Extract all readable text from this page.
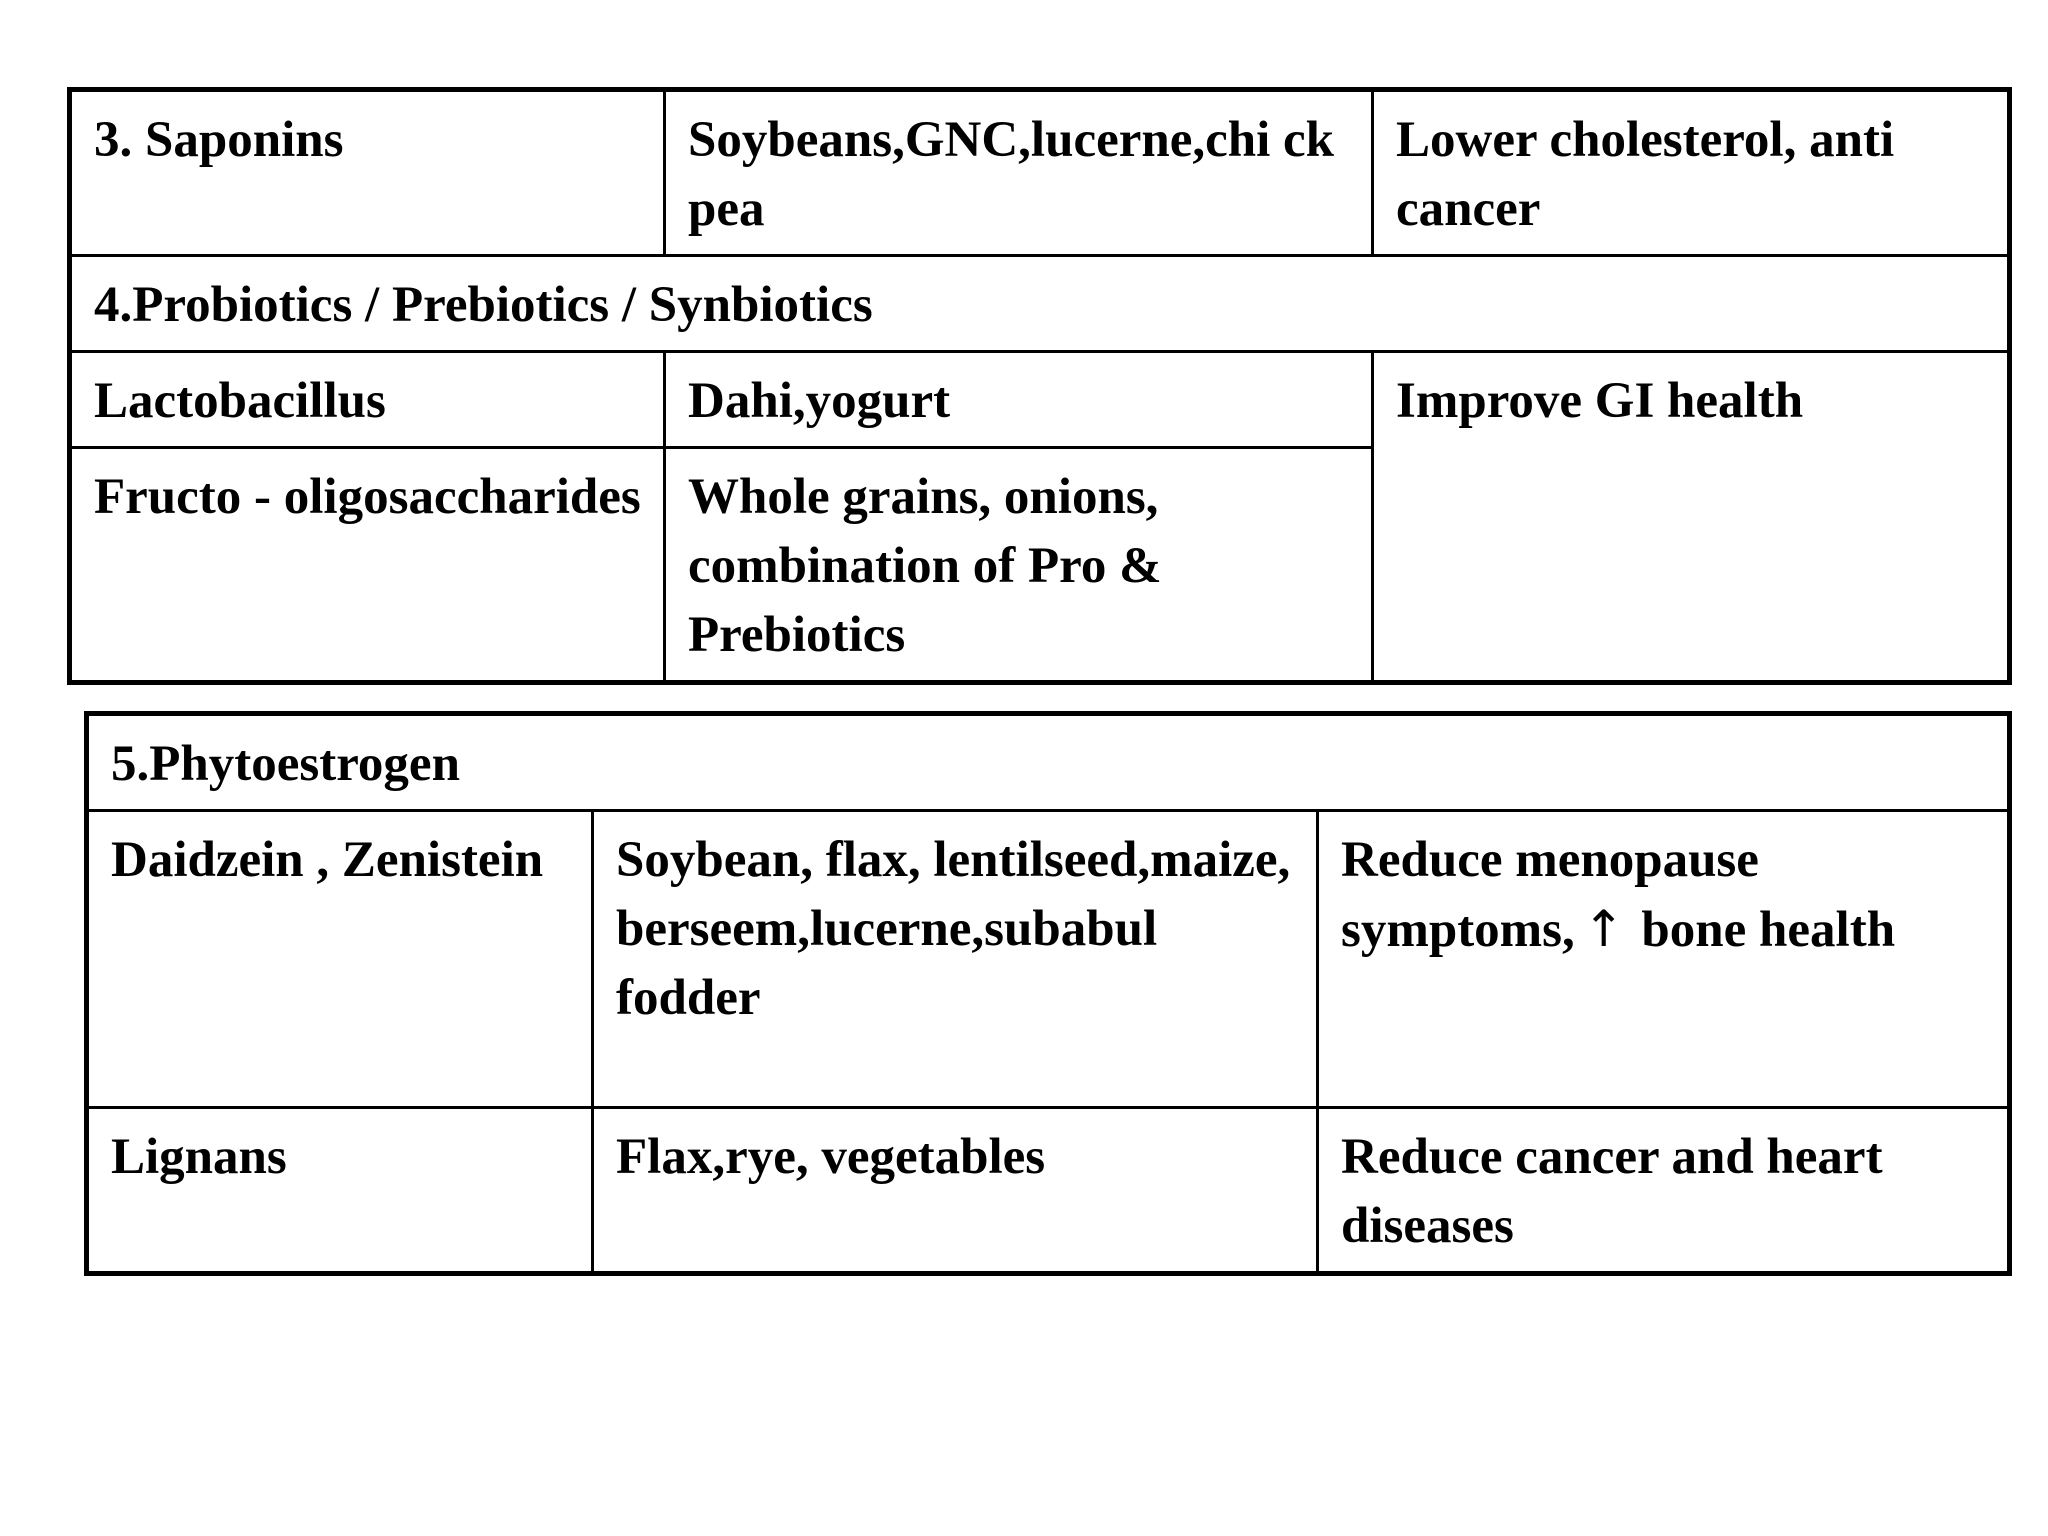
3. Saponins	Soybeans,GNC,lucerne,chi ck pea	Lower cholesterol, anti cancer
4.Probiotics / Prebiotics / Synbiotics		
Lactobacillus	Dahi,yogurt	Improve GI health
Fructo - oligosaccharides	Whole grains, onions, combination of Pro & Prebiotics	
5.Phytoestrogen		
Daidzein , Zenistein	Soybean, flax, lentilseed,maize, berseem,lucerne,subabul fodder	Reduce menopause symptoms, ↑ bone health
Lignans	Flax,rye, vegetables	Reduce cancer and heart diseases
